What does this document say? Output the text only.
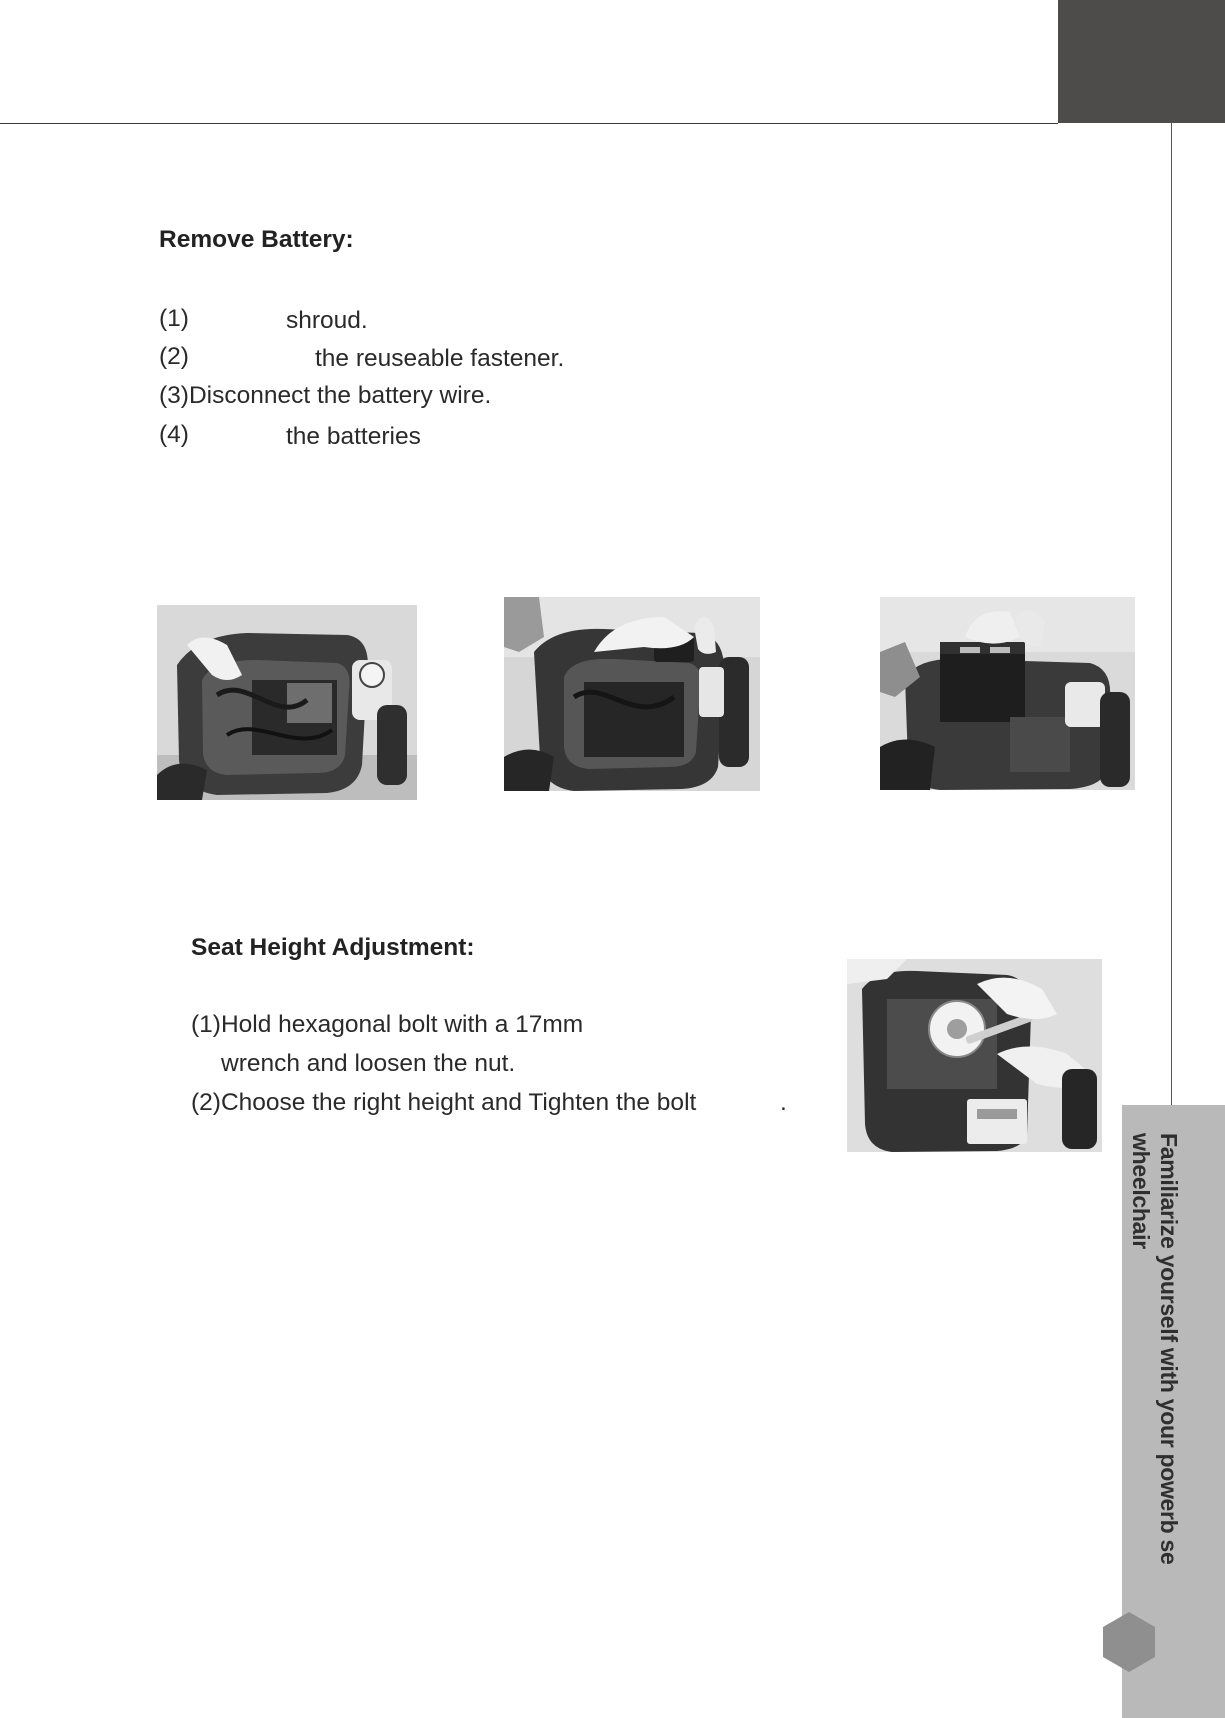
Familiarize yourself with your powerb se
wheelchair
Remove Battery:
(1)	shroud.
(2)	the reuseable fastener.
(3)Disconnect the battery wire.
(4)	the batteries
Seat Height Adjustment:
(1)Hold hexagonal bolt with a 17mm
wrench and loosen the nut.
(2)Choose the right height and Tighten the bolt	.
